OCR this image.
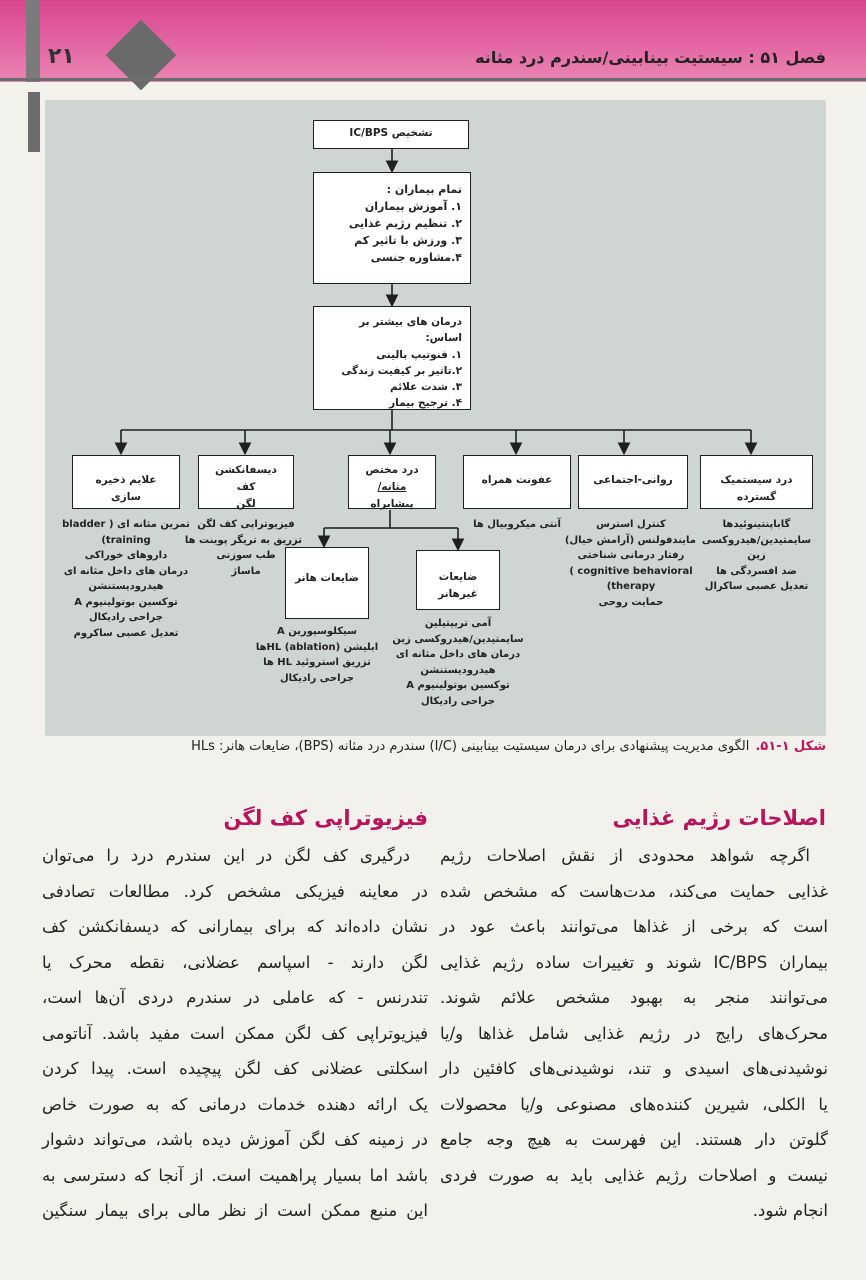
۲۱	فصل ۵۱ : سیستیت بینابینی/سندرم درد مثانه
تشخیص IC/BPS
تمام بیماران :
۱. آموزش بیماران
۲. تنظیم رژیم غذایی
۳. ورزش با تاثیر کم
۴.مشاوره جنسی
درمان های بیشتر بر اساس:
۱. فنوتیپ بالینی
۲.تاثیر بر کیفیت زندگی
۳. شدت علائم
۴. ترجیح بیمار
درد سیستمیک گسترده
روانی-اجتماعی
عفونت همراه
درد مختص
مثانه/پیشابراه
دیسفانکشن کف
لگن
علایم ذخیره سازی
گاباپنتینوئیدها
سایمتیدین/هیدروکسی
زین
ضد افسردگی ها
تعدیل عصبی ساکرال
کنترل استرس
مایندفولنس (آرامش خیال)
رفتار درمانی شناختی
cognitive behavioral )
therapy)
حمایت روحی
آنتی میکروبیال ها
فیزیوتراپی کف لگن
تزریق به تریگر پوینت ها
طب سوزنی
ماساژ
تمرین مثانه ای ( bladder
training)
داروهای خوراکی
درمان های داخل مثانه ای
هیدرودیستنشن
توکسین بوتولینیوم A
جراحی رادیکال
تعدیل عصبی ساکروم
ضایعات غیرهانر
ضایعات هانر
آمی تریپتیلین
سایمتیدین/هیدروکسی زین
درمان های داخل مثانه ای
هیدرودیستنشن
توکسین بوتولینیوم A
جراحی رادیکال
سیکلوسپورین A
ابلیشن (ablation) HLها
تزریق استروئید HL ها
جراحی رادیکال
شکل ۱-۵۱.الگوی مدیریت پیشنهادی برای درمان سیستیت بینابینی (I/C) سندرم درد مثانه (BPS)، ضایعات هانر: HLs
اصلاحات رژیم غذایی
اگرچه شواهد محدودی از نقش اصلاحات رژیم
غذایی حمایت می‌کند، مدت‌هاست که مشخص شده
است که برخی از غذاها می‌توانند باعث عود در
بیماران IC/BPS شوند و تغییرات ساده رژیم غذایی
می‌توانند منجر به بهبود مشخص علائم شوند.
محرک‌های رایج در رژیم غذایی شامل غذاها و/یا
نوشیدنی‌های اسیدی و تند، نوشیدنی‌های کافئین دار
یا الکلی، شیرین کننده‌های مصنوعی و/یا محصولات
گلوتن دار هستند. این فهرست به هیچ وجه جامع
نیست و اصلاحات رژیم غذایی باید به صورت فردی
انجام شود.
فیزیوتراپی کف لگن
درگیری کف لگن در این سندرم درد را می‌توان
در معاینه فیزیکی مشخص کرد. مطالعات تصادفی
نشان داده‌اند که برای بیمارانی که دیسفانکشن کف
لگن دارند - اسپاسم عضلانی، نقطه محرک یا
تندرنس - که عاملی در سندرم دردی آن‌ها است،
فیزیوتراپی کف لگن ممکن است مفید باشد. آناتومی
اسکلتی عضلانی کف لگن پیچیده است. پیدا کردن
یک ارائه دهنده خدمات درمانی که به صورت خاص
در زمینه کف لگن آموزش دیده باشد، می‌تواند دشوار
باشد اما بسیار پراهمیت است. از آنجا که دسترسی به
این منبع ممکن است از نظر مالی برای بیمار سنگین
